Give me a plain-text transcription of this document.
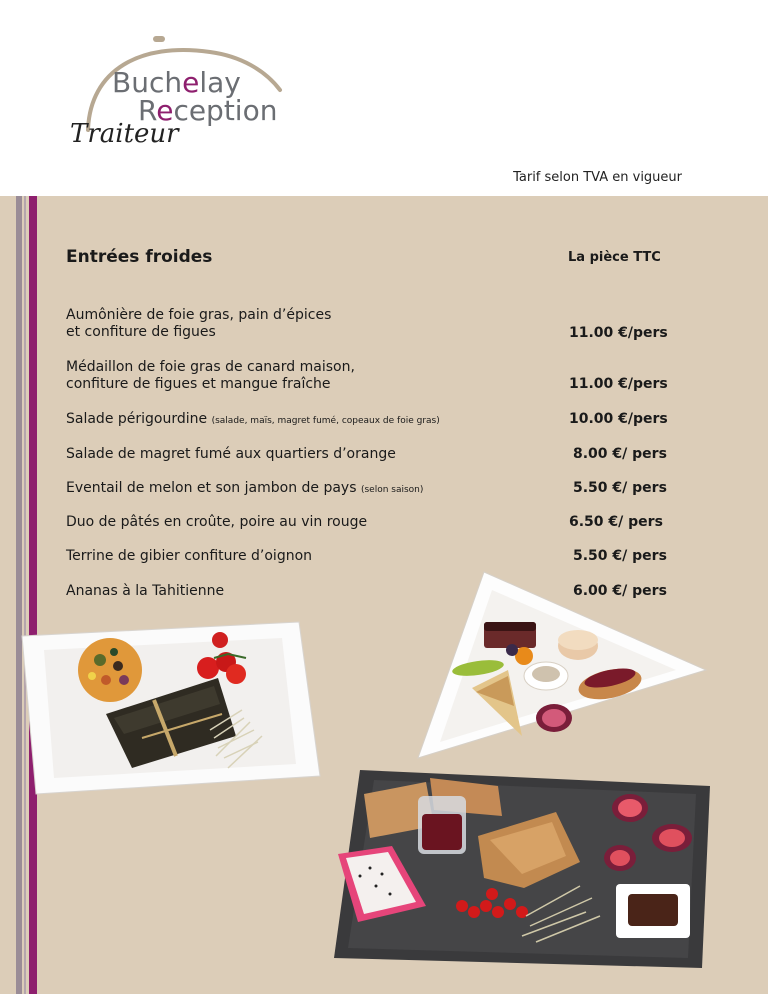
Buchelay
Reception
Traiteur
Tarif selon TVA en vigueur
Entrées froides	La pièce TTC
Aumônière de foie gras, pain d’épices
et confiture de figues	11.00 €/pers
Médaillon de foie gras de canard maison,
confiture de figues et mangue fraîche	11.00 €/pers
Salade périgourdine (salade, maïs, magret fumé, copeaux de foie gras)	10.00 €/pers
Salade de magret fumé aux quartiers d’orange	8.00 €/ pers
Eventail de melon et son jambon de pays (selon saison)	5.50 €/ pers
Duo de pâtés en croûte, poire au vin rouge	6.50 €/ pers
Terrine de gibier confiture d’oignon	5.50 €/ pers
Ananas à la Tahitienne	6.00 €/ pers
